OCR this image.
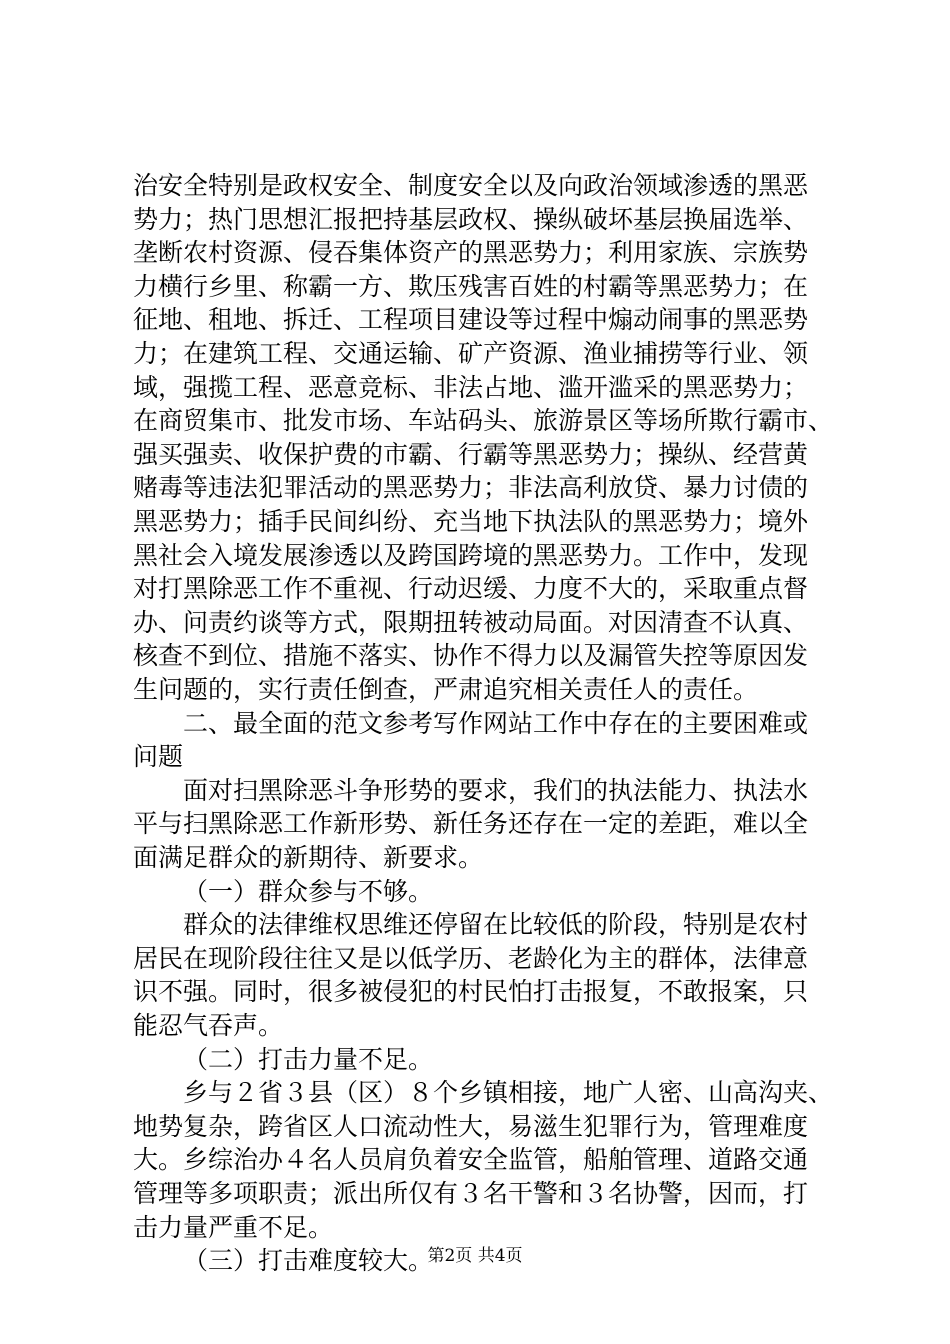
治安全特别是政权安全、制度安全以及向政治领域渗透的黑恶
势力；热门思想汇报把持基层政权、操纵破坏基层换届选举、
垄断农村资源、侵吞集体资产的黑恶势力；利用家族、宗族势
力横行乡里、称霸一方、欺压残害百姓的村霸等黑恶势力；在
征地、租地、拆迁、工程项目建设等过程中煽动闹事的黑恶势
力；在建筑工程、交通运输、矿产资源、渔业捕捞等行业、领
域，强揽工程、恶意竞标、非法占地、滥开滥采的黑恶势力；
在商贸集市、批发市场、车站码头、旅游景区等场所欺行霸市、
强买强卖、收保护费的市霸、行霸等黑恶势力；操纵、经营黄
赌毒等违法犯罪活动的黑恶势力；非法高利放贷、暴力讨债的
黑恶势力；插手民间纠纷、充当地下执法队的黑恶势力；境外
黑社会入境发展渗透以及跨国跨境的黑恶势力。工作中，发现
对打黑除恶工作不重视、行动迟缓、力度不大的，采取重点督
办、问责约谈等方式，限期扭转被动局面。对因清查不认真、
核查不到位、措施不落实、协作不得力以及漏管失控等原因发
生问题的，实行责任倒查，严肃追究相关责任人的责任。
二、最全面的范文参考写作网站工作中存在的主要困难或
问题
面对扫黑除恶斗争形势的要求，我们的执法能力、执法水
平与扫黑除恶工作新形势、新任务还存在一定的差距，难以全
面满足群众的新期待、新要求。
（一）群众参与不够。
群众的法律维权思维还停留在比较低的阶段，特别是农村
居民在现阶段往往又是以低学历、老龄化为主的群体，法律意
识不强。同时，很多被侵犯的村民怕打击报复，不敢报案，只
能忍气吞声。
（二）打击力量不足。
乡与２省３县（区）８个乡镇相接，地广人密、山高沟夹、
地势复杂，跨省区人口流动性大，易滋生犯罪行为，管理难度
大。乡综治办４名人员肩负着安全监管，船舶管理、道路交通
管理等多项职责；派出所仅有３名干警和３名协警，因而，打
击力量严重不足。
（三）打击难度较大。
第2页 共4页
